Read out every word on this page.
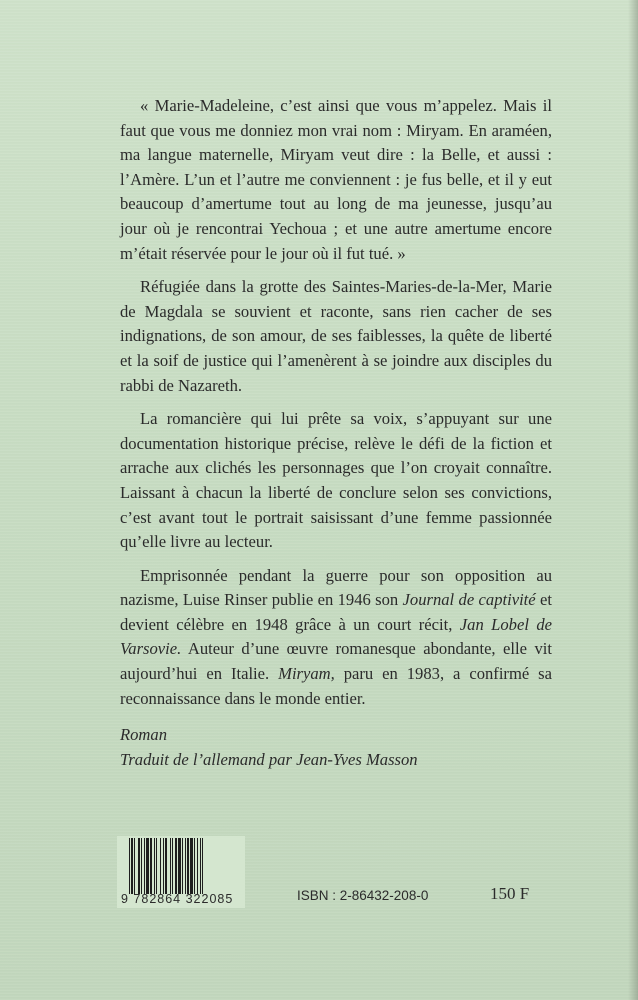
« Marie-Madeleine, c’est ainsi que vous m’appelez. Mais il faut que vous me donniez mon vrai nom : Miryam. En araméen, ma langue maternelle, Miryam veut dire : la Belle, et aussi : l’Amère. L’un et l’autre me conviennent : je fus belle, et il y eut beaucoup d’amertume tout au long de ma jeunesse, jusqu’au jour où je rencontrai Yechoua ; et une autre amertume encore m’était réservée pour le jour où il fut tué. »

Réfugiée dans la grotte des Saintes-Maries-de-la-Mer, Marie de Magdala se souvient et raconte, sans rien cacher de ses indignations, de son amour, de ses faiblesses, la quête de liberté et la soif de justice qui l’amenèrent à se joindre aux disciples du rabbi de Nazareth.

La romancière qui lui prête sa voix, s’appuyant sur une documentation historique précise, relève le défi de la fiction et arrache aux clichés les personnages que l’on croyait connaître. Laissant à chacun la liberté de conclure selon ses convictions, c’est avant tout le portrait saisissant d’une femme passionnée qu’elle livre au lecteur.

Emprisonnée pendant la guerre pour son opposition au nazisme, Luise Rinser publie en 1946 son Journal de captivité et devient célèbre en 1948 grâce à un court récit, Jan Lobel de Varsovie. Auteur d’une œuvre romanesque abondante, elle vit aujourd’hui en Italie. Miryam, paru en 1983, a confirmé sa reconnaissance dans le monde entier.

Roman
Traduit de l’allemand par Jean-Yves Masson
9 782864 322085	ISBN : 2-86432-208-0	150 F
